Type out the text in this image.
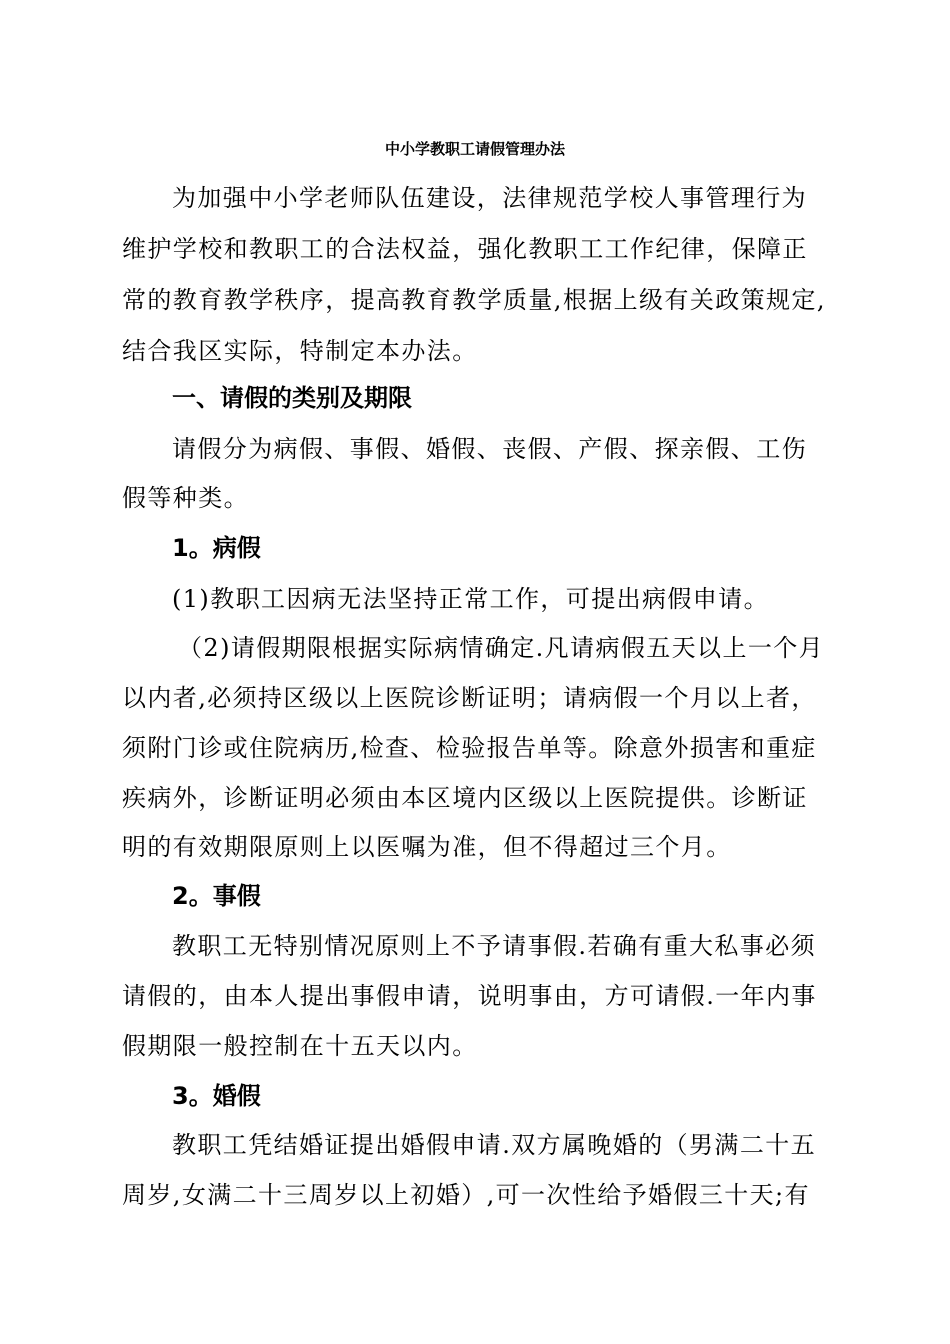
中小学教职工请假管理办法
为加强中小学老师队伍建设，法律规范学校人事管理行为
维护学校和教职工的合法权益，强化教职工工作纪律，保障正
常的教育教学秩序，提高教育教学质量,根据上级有关政策规定,
结合我区实际，特制定本办法。
一、请假的类别及期限
请假分为病假、事假、婚假、丧假、产假、探亲假、工伤
假等种类。
1。病假
(1)教职工因病无法坚持正常工作，可提出病假申请。
（2)请假期限根据实际病情确定.凡请病假五天以上一个月
以内者,必须持区级以上医院诊断证明；请病假一个月以上者，
须附门诊或住院病历,检查、检验报告单等。除意外损害和重症
疾病外，诊断证明必须由本区境内区级以上医院提供。诊断证
明的有效期限原则上以医嘱为准，但不得超过三个月。
2。事假
教职工无特别情况原则上不予请事假.若确有重大私事必须
请假的，由本人提出事假申请，说明事由，方可请假.一年内事
假期限一般控制在十五天以内。
3。婚假
教职工凭结婚证提出婚假申请.双方属晚婚的（男满二十五
周岁,女满二十三周岁以上初婚）,可一次性给予婚假三十天;有
